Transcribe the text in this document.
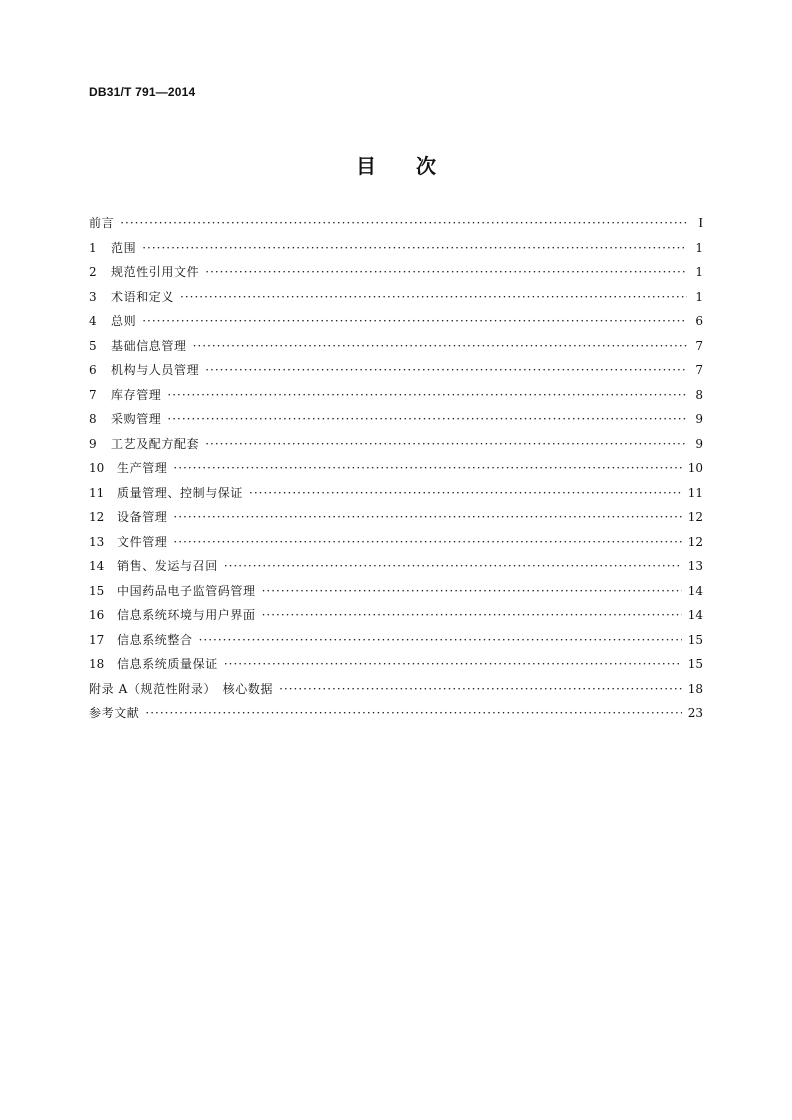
DB31/T 791—2014

目次
前言 ·····	I
1	范围 ·····	1
2	规范性引用文件 ·····	1
3	术语和定义 ·····	1
4	总则 ·····	6
5	基础信息管理 ·····	7
6	机构与人员管理 ·····	7
7	库存管理 ·····	8
8	采购管理 ·····	9
9	工艺及配方配套 ·····	9
10	生产管理 ·····	10
11	质量管理、控制与保证 ·····	11
12	设备管理 ·····	12
13	文件管理 ·····	12
14	销售、发运与召回 ·····	13
15	中国药品电子监管码管理 ·····	14
16	信息系统环境与用户界面 ·····	14
17	信息系统整合 ·····	15
18	信息系统质量保证 ·····	15
附录 A（规范性附录）　核心数据 ·····	18
参考文献 ·····	23
